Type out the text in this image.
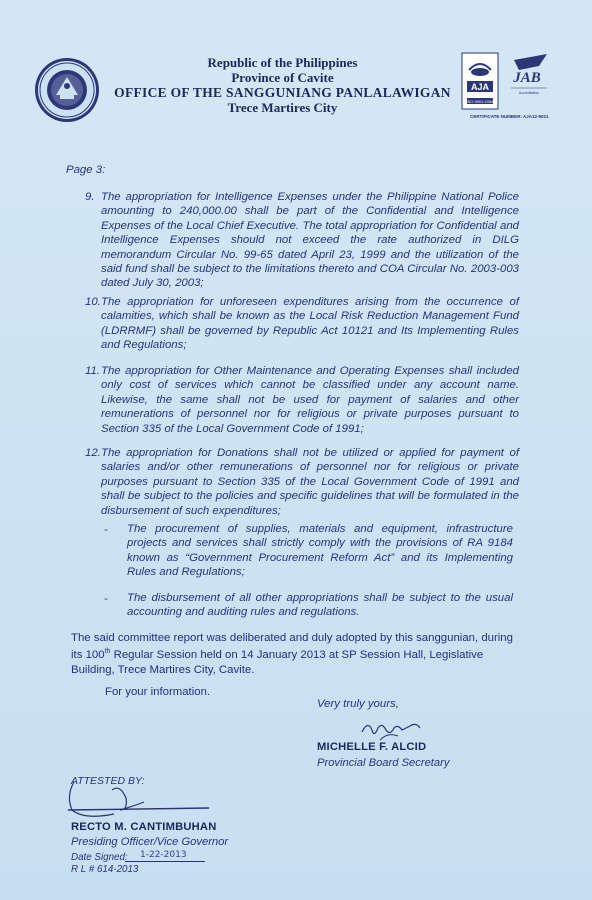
Republic of the Philippines
Province of Cavite
OFFICE OF THE SANGGUNIANG PANLALAWIGAN
Trece Martires City
AJA
ISO 9001:2008
JAB
Accreditation
CERTIFICATE NUMBER: AJA12-9021
Page 3:
9. The appropriation for Intelligence Expenses under the Philippine National Police amounting to 240,000.00 shall be part of the Confidential and Intelligence Expenses of the Local Chief Executive. The total appropriation for Confidential and Intelligence Expenses should not exceed the rate authorized in DILG memorandum Circular No. 99-65 dated April 23, 1999 and the utilization of the said fund shall be subject to the limitations thereto and COA Circular No. 2003-003 dated July 30, 2003;
10. The appropriation for unforeseen expenditures arising from the occurrence of calamities, which shall be known as the Local Risk Reduction Management Fund (LDRRMF) shall be governed by Republic Act 10121 and Its Implementing Rules and Regulations;
11. The appropriation for Other Maintenance and Operating Expenses shall included only cost of services which cannot be classified under any account name. Likewise, the same shall not be used for payment of salaries and other remunerations of personnel nor for religious or private purposes pursuant to Section 335 of the Local Government Code of 1991;
12. The appropriation for Donations shall not be utilized or applied for payment of salaries and/or other remunerations of personnel nor for religious or private purposes pursuant to Section 335 of the Local Government Code of 1991 and shall be subject to the policies and specific guidelines that will be formulated in the disbursement of such expenditures;
- The procurement of supplies, materials and equipment, infrastructure projects and services shall strictly comply with the provisions of RA 9184 known as “Government Procurement Reform Act” and its Implementing Rules and Regulations;
- The disbursement of all other appropriations shall be subject to the usual accounting and auditing rules and regulations.
The said committee report was deliberated and duly adopted by this sanggunian, during
its 100th Regular Session held on 14 January 2013 at SP Session Hall, Legislative
Building, Trece Martires City, Cavite.
For your information.
Very truly yours,
MICHELLE F. ALCID
Provincial Board Secretary
ATTESTED BY:
RECTO M. CANTIMBUHAN
Presiding Officer/Vice Governor
Date Signed: 1-22-2013
R L # 614-2013
